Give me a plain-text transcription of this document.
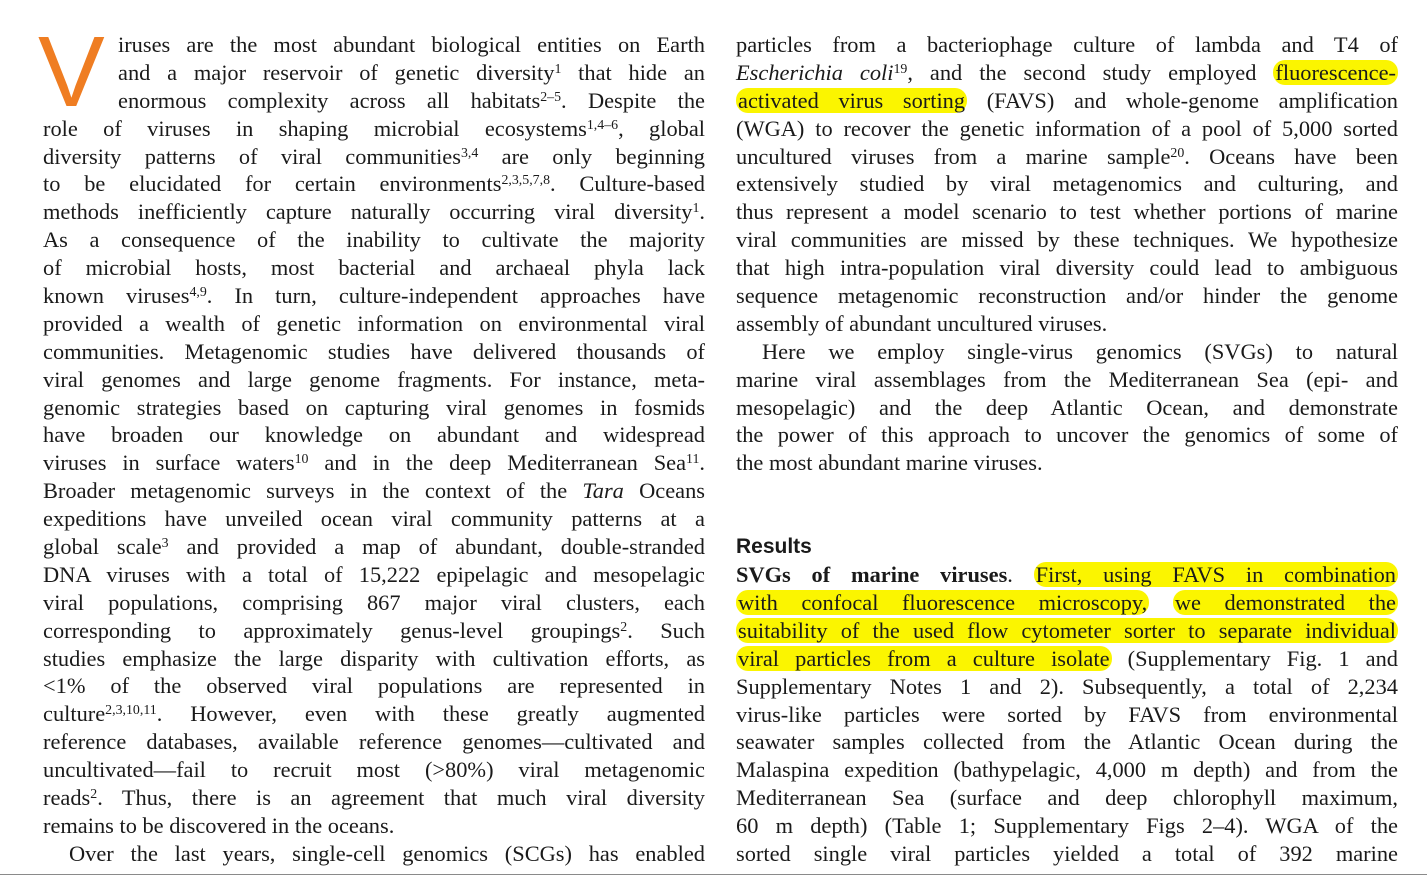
V iruses are the most abundant biological entities on Earth
and a major reservoir of genetic diversity$^1$ that hide an
enormous complexity across all habitats$^{2-5}$. Despite the
role of viruses in shaping microbial ecosystems$^{1,4-6}$, global
diversity patterns of viral communities$^{3,4}$ are only beginning
to be elucidated for certain environments$^{2,3,5,7,8}$. Culture-based
methods inefficiently capture naturally occurring viral diversity$^1$.
As a consequence of the inability to cultivate the majority
of microbial hosts, most bacterial and archaeal phyla lack
known viruses$^{4,9}$. In turn, culture-independent approaches have
provided a wealth of genetic information on environmental viral
communities. Metagenomic studies have delivered thousands of
viral genomes and large genome fragments. For instance, meta-
genomic strategies based on capturing viral genomes in fosmids
have broaden our knowledge on abundant and widespread
viruses in surface waters$^{10}$ and in the deep Mediterranean Sea$^{11}$.
Broader metagenomic surveys in the context of the Tara Oceans
expeditions have unveiled ocean viral community patterns at a
global scale$^3$ and provided a map of abundant, double-stranded
DNA viruses with a total of 15,222 epipelagic and mesopelagic
viral populations, comprising 867 major viral clusters, each
corresponding to approximately genus-level groupings$^2$. Such
studies emphasize the large disparity with cultivation efforts, as
<1% of the observed viral populations are represented in
culture$^{2,3,10,11}$. However, even with these greatly augmented
reference databases, available reference genomes—cultivated and
uncultivated—fail to recruit most (>80%) viral metagenomic
reads$^2$. Thus, there is an agreement that much viral diversity
remains to be discovered in the oceans.
Over the last years, single-cell genomics (SCGs) has enabled
particles from a bacteriophage culture of lambda and T4 of
Escherichia coli$^{19}$, and the second study employed fluorescence-
activated virus sorting (FAVS) and whole-genome amplification
(WGA) to recover the genetic information of a pool of 5,000 sorted
uncultured viruses from a marine sample$^{20}$. Oceans have been
extensively studied by viral metagenomics and culturing, and
thus represent a model scenario to test whether portions of marine
viral communities are missed by these techniques. We hypothesize
that high intra-population viral diversity could lead to ambiguous
sequence metagenomic reconstruction and/or hinder the genome
assembly of abundant uncultured viruses.
Here we employ single-virus genomics (SVGs) to natural
marine viral assemblages from the Mediterranean Sea (epi- and
mesopelagic) and the deep Atlantic Ocean, and demonstrate
the power of this approach to uncover the genomics of some of
the most abundant marine viruses.
Results
SVGs of marine viruses. First, using FAVS in combination
with confocal fluorescence microscopy, we demonstrated the
suitability of the used flow cytometer sorter to separate individual
viral particles from a culture isolate (Supplementary Fig. 1 and
Supplementary Notes 1 and 2). Subsequently, a total of 2,234
virus-like particles were sorted by FAVS from environmental
seawater samples collected from the Atlantic Ocean during the
Malaspina expedition (bathypelagic, 4,000 m depth) and from the
Mediterranean Sea (surface and deep chlorophyll maximum,
60 m depth) (Table 1; Supplementary Figs 2–4). WGA of the
sorted single viral particles yielded a total of 392 marine
